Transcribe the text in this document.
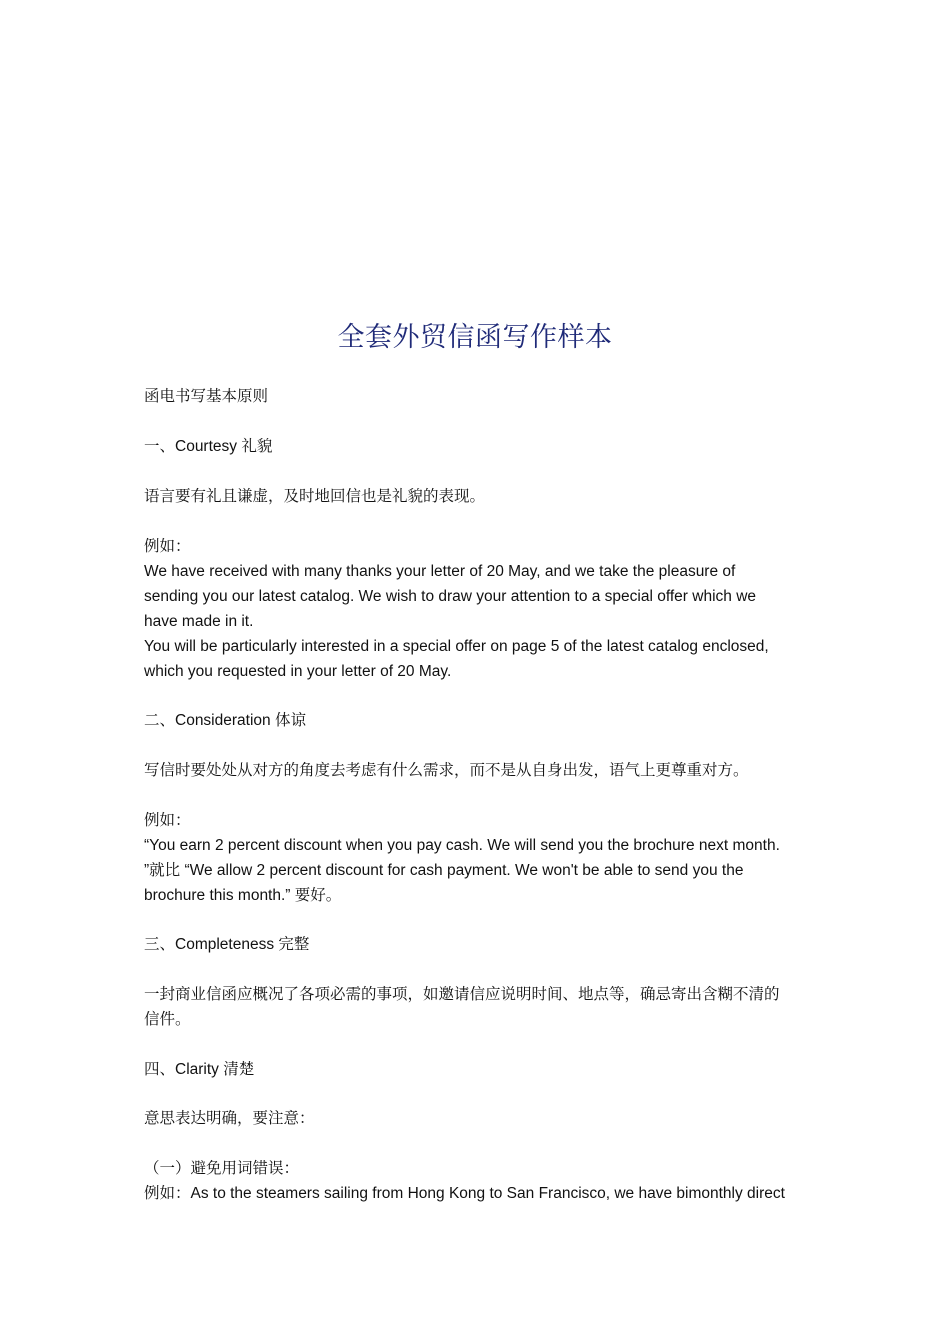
全套外贸信函写作样本
函电书写基本原则
一、Courtesy 礼貌
语言要有礼且谦虚，及时地回信也是礼貌的表现。
例如：
We have received with many thanks your letter of 20 May, and we take the pleasure of
sending you our latest catalog. We wish to draw your attention to a special offer which we
have made in it.
You will be particularly interested in a special offer on page 5 of the latest catalog enclosed,
which you requested in your letter of 20 May.
二、Consideration 体谅
写信时要处处从对方的角度去考虑有什么需求，而不是从自身出发，语气上更尊重对方。
例如：
“You earn 2 percent discount when you pay cash. We will send you the brochure next month.
”就比 “We allow 2 percent discount for cash payment. We won't be able to send you the
brochure this month.” 要好。
三、Completeness 完整
一封商业信函应概况了各项必需的事项，如邀请信应说明时间、地点等，确忌寄出含糊不清的
信件。
四、Clarity 清楚
意思表达明确，要注意：
（一）避免用词错误：
例如：As to the steamers sailing from Hong Kong to San Francisco, we have bimonthly direct
